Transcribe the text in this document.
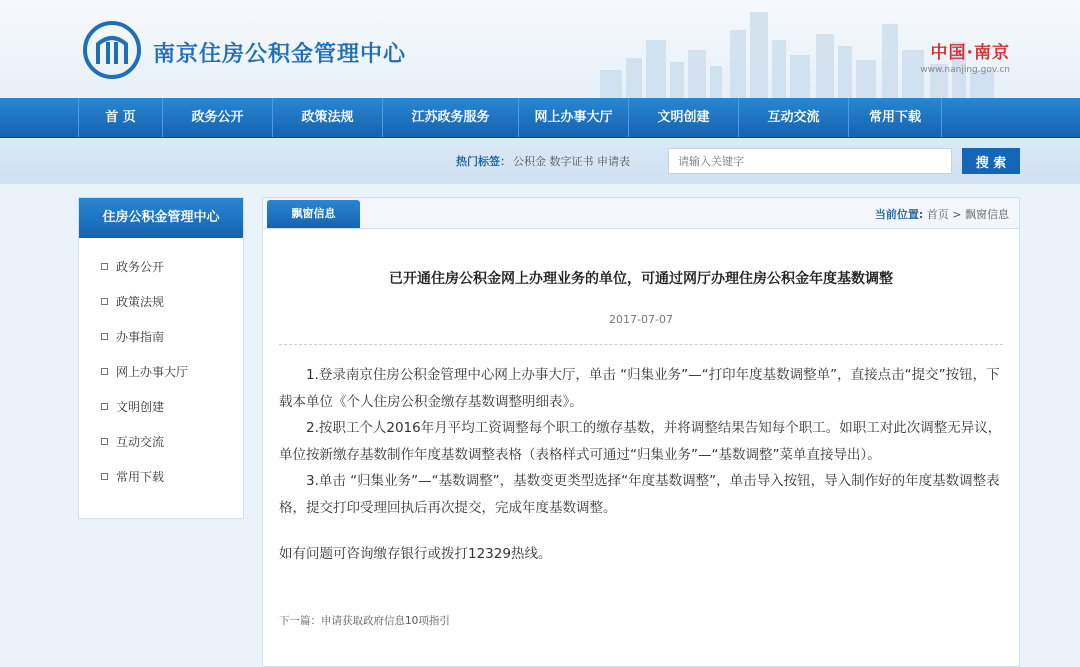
南京住房公积金管理中心	中国·南京
www.nanjing.gov.cn
首 页	政务公开	政策法规	江苏政务服务	网上办事大厅	文明创建	互动交流	常用下载
热门标签： 公积金 数字证书 申请表
请输入关键字	搜 索
住房公积金管理中心
政务公开
政策法规
办事指南
网上办事大厅
文明创建
互动交流
常用下载
飘窗信息	当前位置: 首页 > 飘窗信息
已开通住房公积金网上办理业务的单位，可通过网厅办理住房公积金年度基数调整
2017-07-07

1.登录南京住房公积金管理中心网上办事大厅，单击 “归集业务”—“打印年度基数调整单”，直接点击“提交”按钮，下载本单位《个人住房公积金缴存基数调整明细表》。

2.按职工个人2016年月平均工资调整每个职工的缴存基数，并将调整结果告知每个职工。如职工对此次调整无异议，单位按新缴存基数制作年度基数调整表格（表格样式可通过“归集业务”—“基数调整”菜单直接导出）。

3.单击 “归集业务”—“基数调整”，基数变更类型选择“年度基数调整”，单击导入按钮，导入制作好的年度基数调整表格，提交打印受理回执后再次提交，完成年度基数调整。

如有问题可咨询缴存银行或拨打12329热线。

下一篇：申请获取政府信息10项指引
